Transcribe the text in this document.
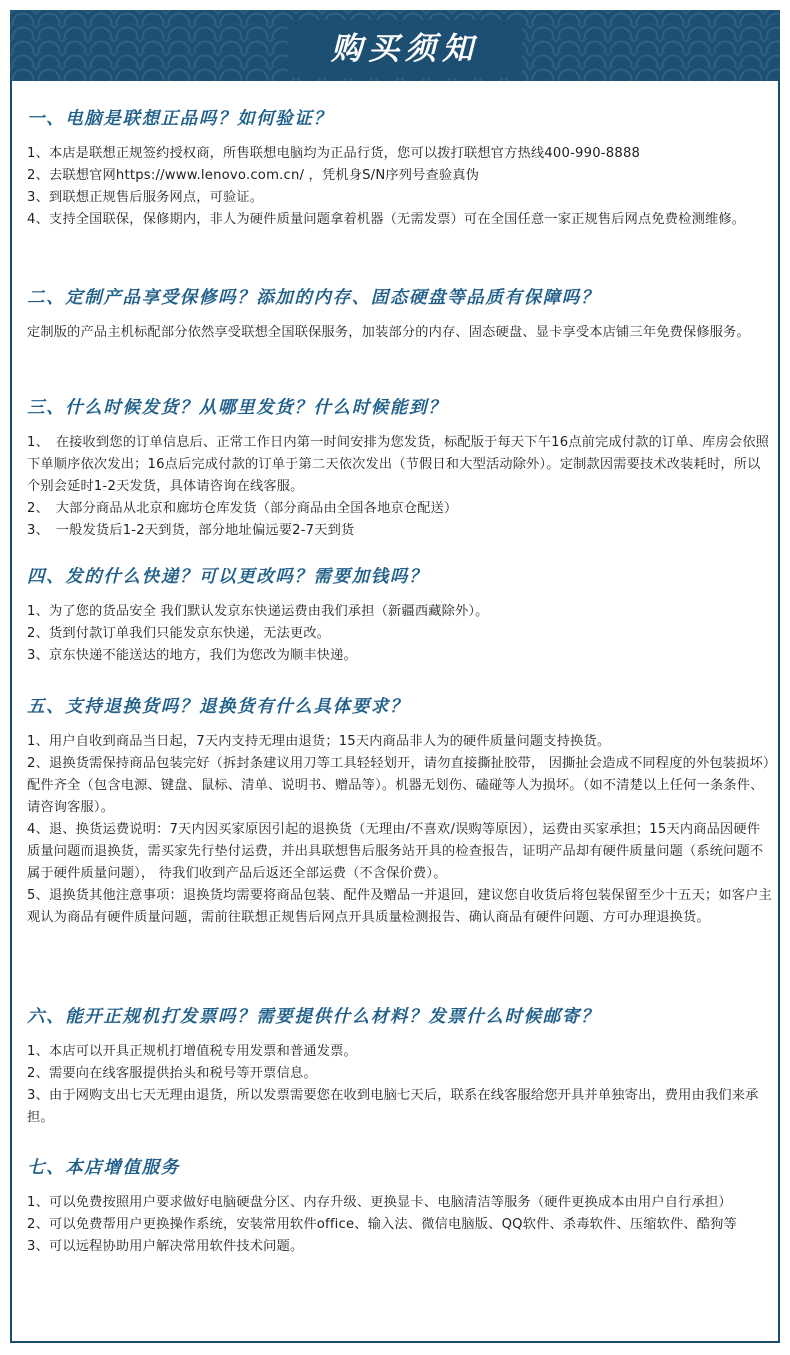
购买须知
一、电脑是联想正品吗？如何验证？

1、本店是联想正规签约授权商，所售联想电脑均为正品行货，您可以拨打联想官方热线400-990-8888

2、去联想官网https://www.lenovo.com.cn/ ，凭机身S/N序列号查验真伪

3、到联想正规售后服务网点，可验证。

4、支持全国联保，保修期内，非人为硬件质量问题拿着机器（无需发票）可在全国任意一家正规售后网点免费检测维修。

二、定制产品享受保修吗？添加的内存、固态硬盘等品质有保障吗？

定制版的产品主机标配部分依然享受联想全国联保服务，加装部分的内存、固态硬盘、显卡享受本店铺三年免费保修服务。

三、什么时候发货？从哪里发货？什么时候能到？

1、　在接收到您的订单信息后、正常工作日内第一时间安排为您发货，标配版于每天下午16点前完成付款的订单、库房会依照下单顺序依次发出；16点后完成付款的订单于第二天依次发出（节假日和大型活动除外）。定制款因需要技术改装耗时，所以个别会延时1-2天发货，具体请咨询在线客服。

2、　大部分商品从北京和廊坊仓库发货（部分商品由全国各地京仓配送）

3、　一般发货后1-2天到货，部分地址偏远要2-7天到货

四、发的什么快递？可以更改吗？需要加钱吗？

1、为了您的货品安全 我们默认发京东快递运费由我们承担（新疆西藏除外）。

2、货到付款订单我们只能发京东快递，无法更改。

3、京东快递不能送达的地方，我们为您改为顺丰快递。

五、支持退换货吗？退换货有什么具体要求？

1、用户自收到商品当日起，7天内支持无理由退货；15天内商品非人为的硬件质量问题支持换货。

2、退换货需保持商品包装完好（拆封条建议用刀等工具轻轻划开，请勿直接撕扯胶带， 因撕扯会造成不同程度的外包装损坏）配件齐全（包含电源、键盘、鼠标、清单、说明书、赠品等）。机器无划伤、磕碰等人为损坏。（如不清楚以上任何一条条件、请咨询客服）。

4、退、换货运费说明：7天内因买家原因引起的退换货（无理由/不喜欢/误购等原因），运费由买家承担；15天内商品因硬件质量问题而退换货，需买家先行垫付运费，并出具联想售后服务站开具的检查报告，证明产品却有硬件质量问题（系统问题不属于硬件质量问题）， 待我们收到产品后返还全部运费（不含保价费）。

5、退换货其他注意事项：退换货均需要将商品包装、配件及赠品一并退回，建议您自收货后将包装保留至少十五天；如客户主观认为商品有硬件质量问题，需前往联想正规售后网点开具质量检测报告、确认商品有硬件问题、方可办理退换货。

六、能开正规机打发票吗？需要提供什么材料？发票什么时候邮寄？

1、本店可以开具正规机打增值税专用发票和普通发票。

2、需要向在线客服提供抬头和税号等开票信息。

3、由于网购支出七天无理由退货，所以发票需要您在收到电脑七天后，联系在线客服给您开具并单独寄出，费用由我们来承担。

七、本店增值服务

1、可以免费按照用户要求做好电脑硬盘分区、内存升级、更换显卡、电脑清洁等服务（硬件更换成本由用户自行承担）

2、可以免费帮用户更换操作系统，安装常用软件office、输入法、微信电脑版、QQ软件、杀毒软件、压缩软件、酷狗等

3、可以远程协助用户解决常用软件技术问题。
